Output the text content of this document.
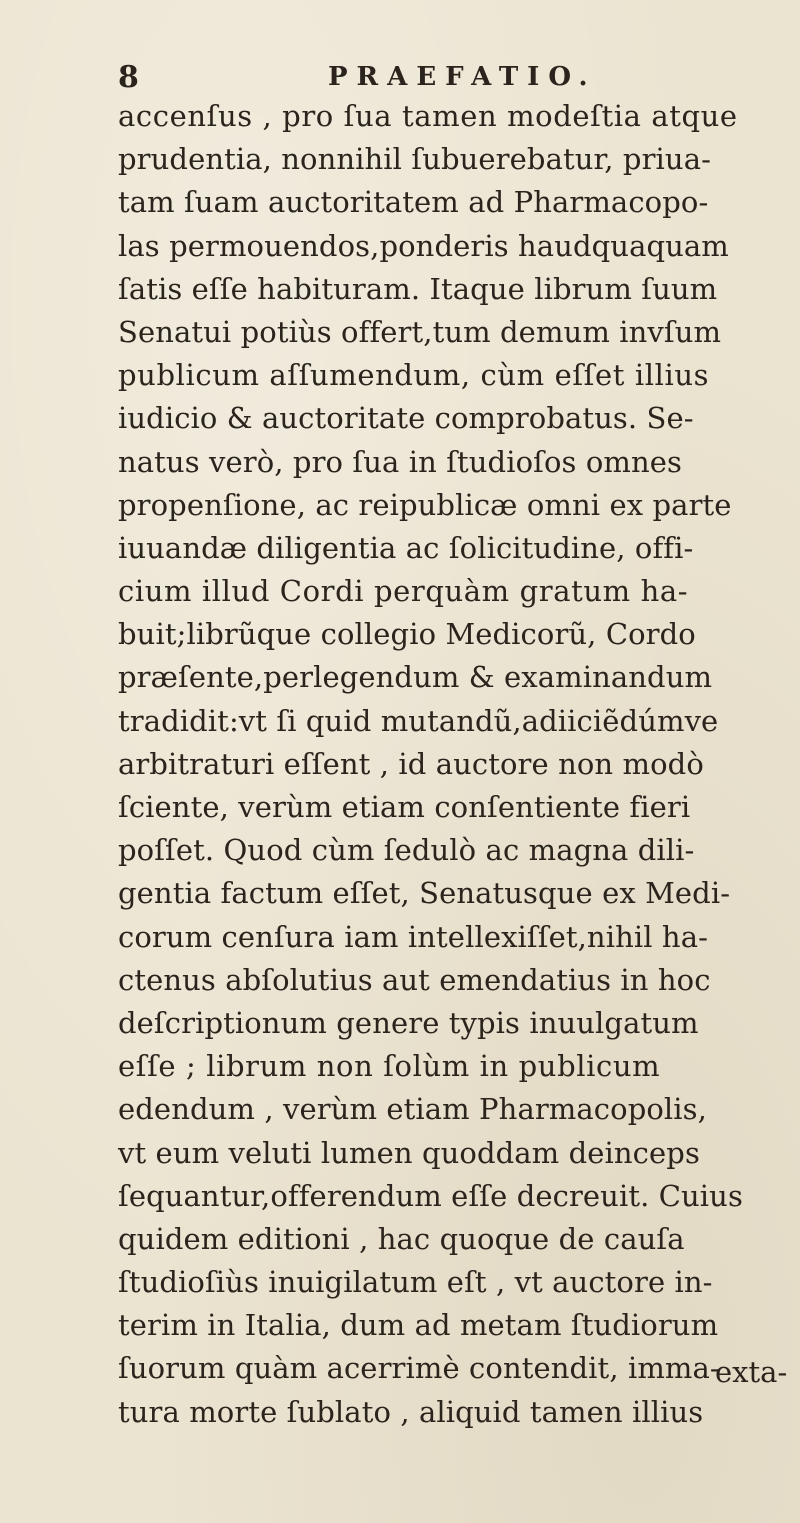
8	PRAEFATIO.
accenſus , pro ſua tamen modeſtia atque
prudentia, nonnihil ſubuerebatur, priua-
tam ſuam auctoritatem ad Pharmacopo-
las permouendos,ponderis haudquaquam
ſatis eſſe habituram. Itaque librum ſuum
Senatui potiùs offert,tum demum invſum
publicum aſſumendum, cùm eſſet illius
iudicio & auctoritate comprobatus. Se-
natus verò, pro ſua in ſtudioſos omnes
propenſione, ac reipublicæ omni ex parte
iuuandæ diligentia ac ſolicitudine, offi-
cium illud Cordi perquàm gratum ha-
buit;librũque collegio Medicorũ, Cordo
præſente,perlegendum & examinandum
tradidit:vt ſi quid mutandũ,adiiciẽdúmve
arbitraturi eſſent , id auctore non modò
ſciente, verùm etiam conſentiente fieri
poſſet. Quod cùm ſedulò ac magna dili-
gentia factum eſſet, Senatusque ex Medi-
corum cenſura iam intellexiſſet,nihil ha-
ctenus abſolutius aut emendatius in hoc
deſcriptionum genere typis inuulgatum
eſſe ; librum non ſolùm in publicum
edendum , verùm etiam Pharmacopolis,
vt eum veluti lumen quoddam deinceps
ſequantur,offerendum eſſe decreuit. Cuius
quidem editioni , hac quoque de cauſa
ſtudioſiùs inuigilatum eſt , vt auctore in-
terim in Italia, dum ad metam ſtudiorum
ſuorum quàm acerrimè contendit, imma-
tura morte ſublato , aliquid tamen illius
exta-
